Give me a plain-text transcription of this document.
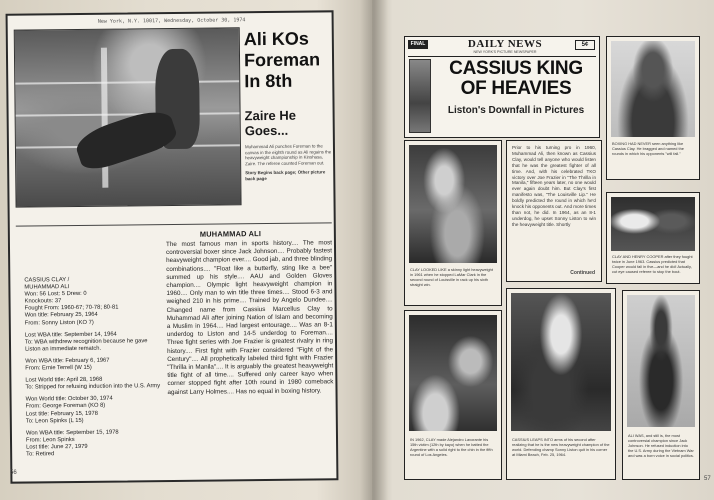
New York, N.Y. 10017, Wednesday, October 30, 1974
Ali KOs Foreman In 8th
Zaire He Goes...
Muhammad Ali punches Foreman to the canvas in the eighth round as Ali regains the heavyweight championship in Kinshasa, Zaire. The referee counted Foreman out.
Story Begins back page; Other picture back page
MUHAMMAD ALI
The most famous man in sports history.... The most controversial boxer since Jack Johnson.... Probably fastest heavyweight champion ever.... Good jab, and three blinding combinations.... "Float like a butterfly, sting like a bee" summed up his style.... AAU and Golden Gloves champion.... Olympic light heavyweight champion in 1960.... Only man to win title three times.... Stood 6-3 and weighed 210 in his prime.... Trained by Angelo Dundee.... Changed name from Cassius Marcellus Clay to Muhammad Ali after joining Nation of Islam and becoming a Muslim in 1964.... Had largest entourage.... Was an 8-1 underdog to Liston and 14-5 underdog to Foreman.... Three fight series with Joe Frazier is greatest rivalry in ring history.... First fight with Frazier considered "Fight of the Century".... All prophetically labeled third fight with Frazier "Thrilla in Manila".... It is arguably the greatest heavyweight title fight of all time.... Suffered only career kayo when corner stopped fight after 10th round in 1980 comeback against Larry Holmes.... Has no equal in boxing history.
CASSIUS CLAY /
MUHAMMAD ALI
Won: 56 Lost: 5 Drew: 0
Knockouts: 37
Fought From: 1960-67; 70-78; 80-81
Won title: February 25, 1964
From: Sonny Liston (KO 7)
Lost WBA title: September 14, 1964
To: WBA withdrew recognition because he gave
Liston an immediate rematch.
Won WBA title: February 6, 1967
From: Ernie Terrell (W 15)
Lost World title: April 28, 1968
To: Stripped for refusing induction into the U.S. Army
Won World title: October 30, 1974
From: George Foreman (KO 8)
Lost title: February 15, 1978
To: Leon Spinks (L 15)
Won WBA title: September 15, 1978
From: Leon Spinks
Lost title: June 27, 1979
To: Retired
56
FINAL	DAILY NEWS
NEW YORK'S PICTURE NEWSPAPER
5¢
CASSIUS KING OF HEAVIES
Liston's Downfall in Pictures
BOXING HAD NEVER seen anything like Cassius Clay. He bragged and named the rounds in which his opponents "will fall."
CLAY LOOKED LIKE a skinny light heavyweight in 1961 when he stopped LaMar Clark in the second round of Louisville in rack up his sixth straight win.
Prior to his turning pro in 1960, Muhammad Ali, then known as Cassius Clay, would tell anyone who would listen that he was the greatest fighter of all time. And, with his celebrated TKO victory over Joe Frazier in "The Thrilla in Manila," fifteen years later, no one would ever again doubt him. But Clay's first manifesto was, "The Louisville Lip." He boldly predicted the round in which he'd knock his opponents out. And more times than not, he did. In 1964, as an 8-1 underdog, he upset Sonny Liston to win the heavyweight title. Shortly
Continued
CLAY AND HENRY COOPER after they fought twice in June 1963. Cassius predicted that Cooper would fall in five—and he did! Actually, cut eye caused referee to stop the bout.
IN 1962, CLAY made Alejandro Lavorante his 15th victim (12th by kayo) when he batted the Argentine with a solid right to the chin in the fifth round of Los Angeles.
CASSIUS LEAPS INTO arms of his second after realizing that he is the new heavyweight champion of the world. Defending champ Sonny Liston quit in his corner at Miami Beach, Feb. 25, 1964.
ALI WAS, and still is, the most controversial champion since Jack Johnson. He refused induction into the U.S. Army during the Vietnam War and was a born voice in social politics.
57
